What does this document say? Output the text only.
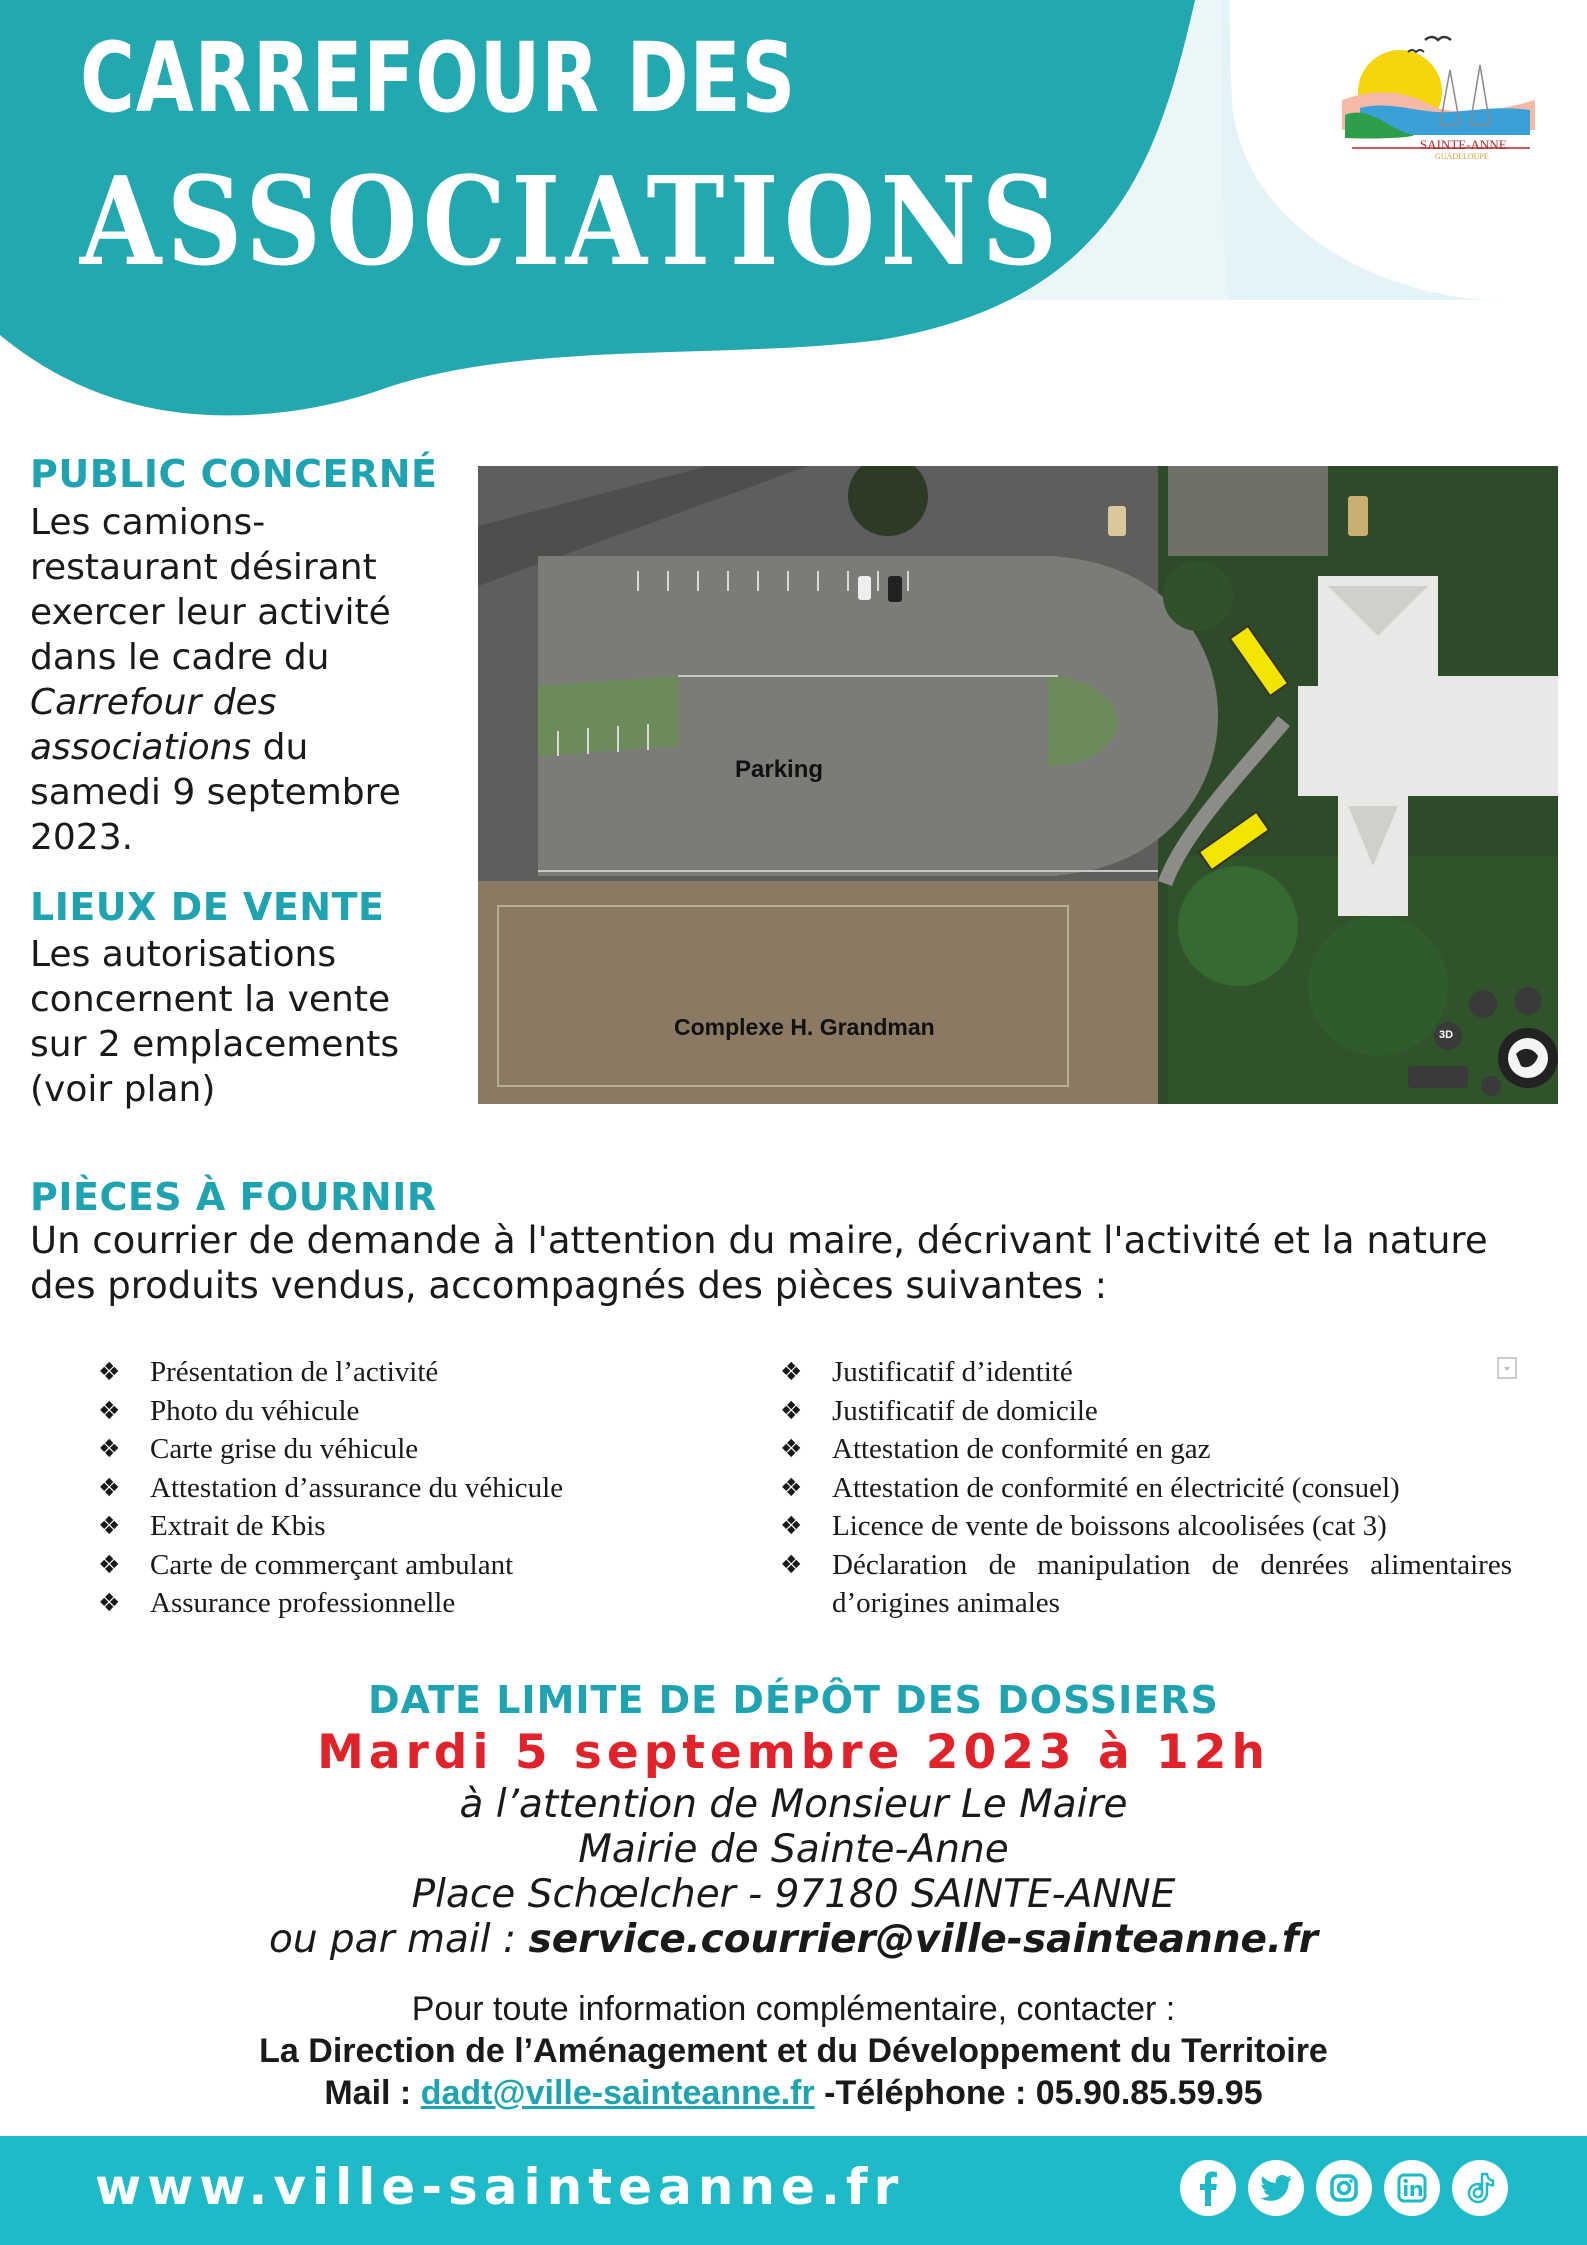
CARREFOUR DES
ASSOCIATIONS
SAINTE-ANNE
GUADELOUPE
PUBLIC CONCERNÉ
Les camions-restaurant désirant exercer leur activité dans le cadre du Carrefour des associations du samedi 9 septembre 2023.
LIEUX DE VENTE
Les autorisations concernent la vente sur 2 emplacements (voir plan)
Parking
Complexe H. Grandman	3D
PIÈCES À FOURNIR
Un courrier de demande à l'attention du maire, décrivant l'activité et la nature des produits vendus, accompagnés des pièces suivantes :
❖ Présentation de l’activité
❖ Photo du véhicule
❖ Carte grise du véhicule
❖ Attestation d’assurance du véhicule
❖ Extrait de Kbis
❖ Carte de commerçant ambulant
❖ Assurance professionnelle
❖ Justificatif d’identité
❖ Justificatif de domicile
❖ Attestation de conformité en gaz
❖ Attestation de conformité en électricité (consuel)
❖ Licence de vente de boissons alcoolisées (cat 3)
❖ Déclaration de manipulation de denrées alimentaires d’origines animales
DATE LIMITE DE DÉPÔT DES DOSSIERS
Mardi 5 septembre 2023 à 12h
à l’attention de Monsieur Le Maire
Mairie de Sainte-Anne
Place Schœlcher - 97180 SAINTE-ANNE
ou par mail : service.courrier@ville-sainteanne.fr
Pour toute information complémentaire, contacter :
La Direction de l’Aménagement et du Développement du Territoire
Mail : dadt@ville-sainteanne.fr -Téléphone : 05.90.85.59.95
www.ville-sainteanne.fr
